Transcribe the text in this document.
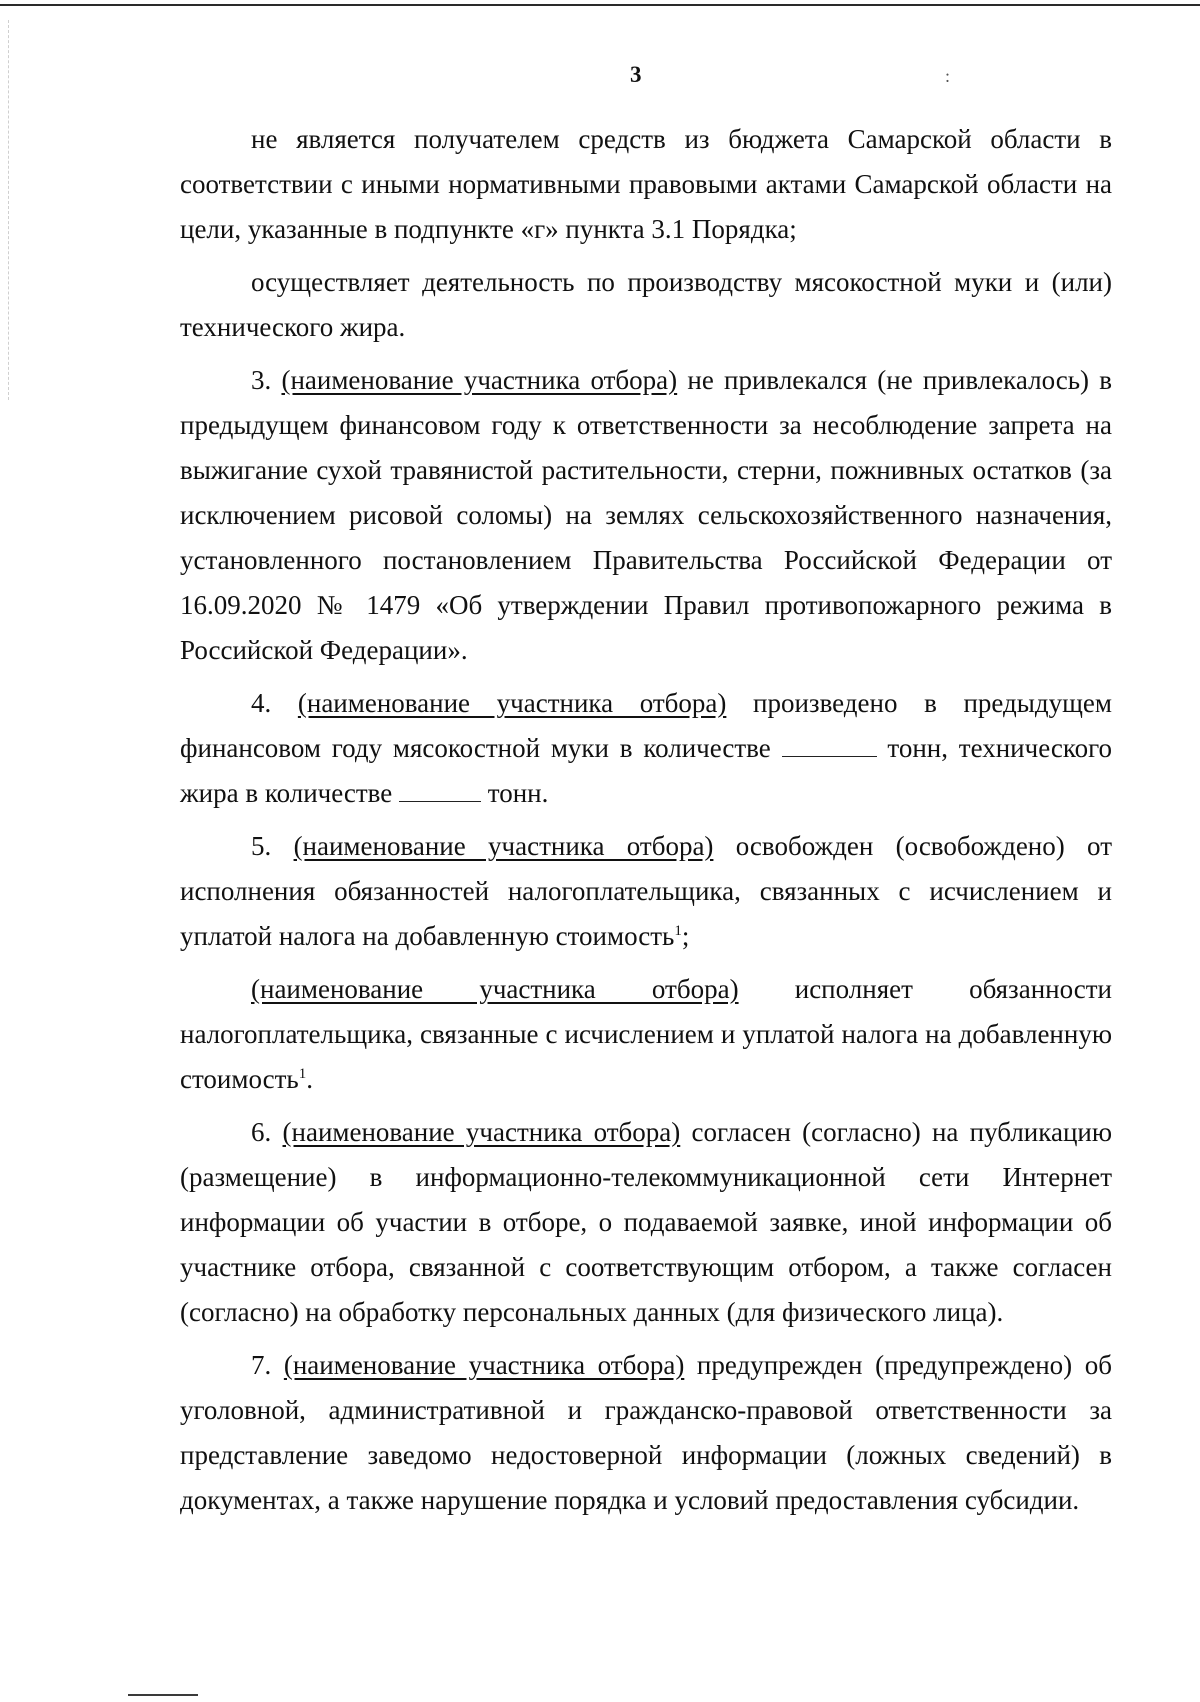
3	:

не является получателем средств из бюджета Самарской области в соответствии с иными нормативными правовыми актами Самарской области на цели, указанные в подпункте «г» пункта 3.1 Порядка;

осуществляет деятельность по производству мясокостной муки и (или) технического жира.

3. (наименование участника отбора) не привлекался (не привлекалось) в предыдущем финансовом году к ответственности за несоблюдение запрета на выжигание сухой травянистой растительности, стерни, пожнивных остатков (за исключением рисовой соломы) на землях сельскохозяйственного назначения, установленного постановлением Правительства Российской Федерации от 16.09.2020 № 1479 «Об утверждении Правил противопожарного режима в Российской Федерации».

4. (наименование участника отбора) произведено в предыдущем финансовом году мясокостной муки в количестве	тонн, технического жира в количестве	тонн.

5. (наименование участника отбора) освобожден (освобождено) от исполнения обязанностей налогоплательщика, связанных с исчислением и уплатой налога на добавленную стоимость$^1$;

(наименование участника отбора) исполняет обязанности налогоплательщика, связанные с исчислением и уплатой налога на добавленную стоимость$^1$.

6. (наименование участника отбора) согласен (согласно) на публикацию (размещение) в информационно-телекоммуникационной сети Интернет информации об участии в отборе, о подаваемой заявке, иной информации об участнике отбора, связанной с соответствующим отбором, а также согласен (согласно) на обработку персональных данных (для физического лица).

7. (наименование участника отбора) предупрежден (предупреждено) об уголовной, административной и гражданско-правовой ответственности за представление заведомо недостоверной информации (ложных сведений) в документах, а также нарушение порядка и условий предоставления субсидии.
